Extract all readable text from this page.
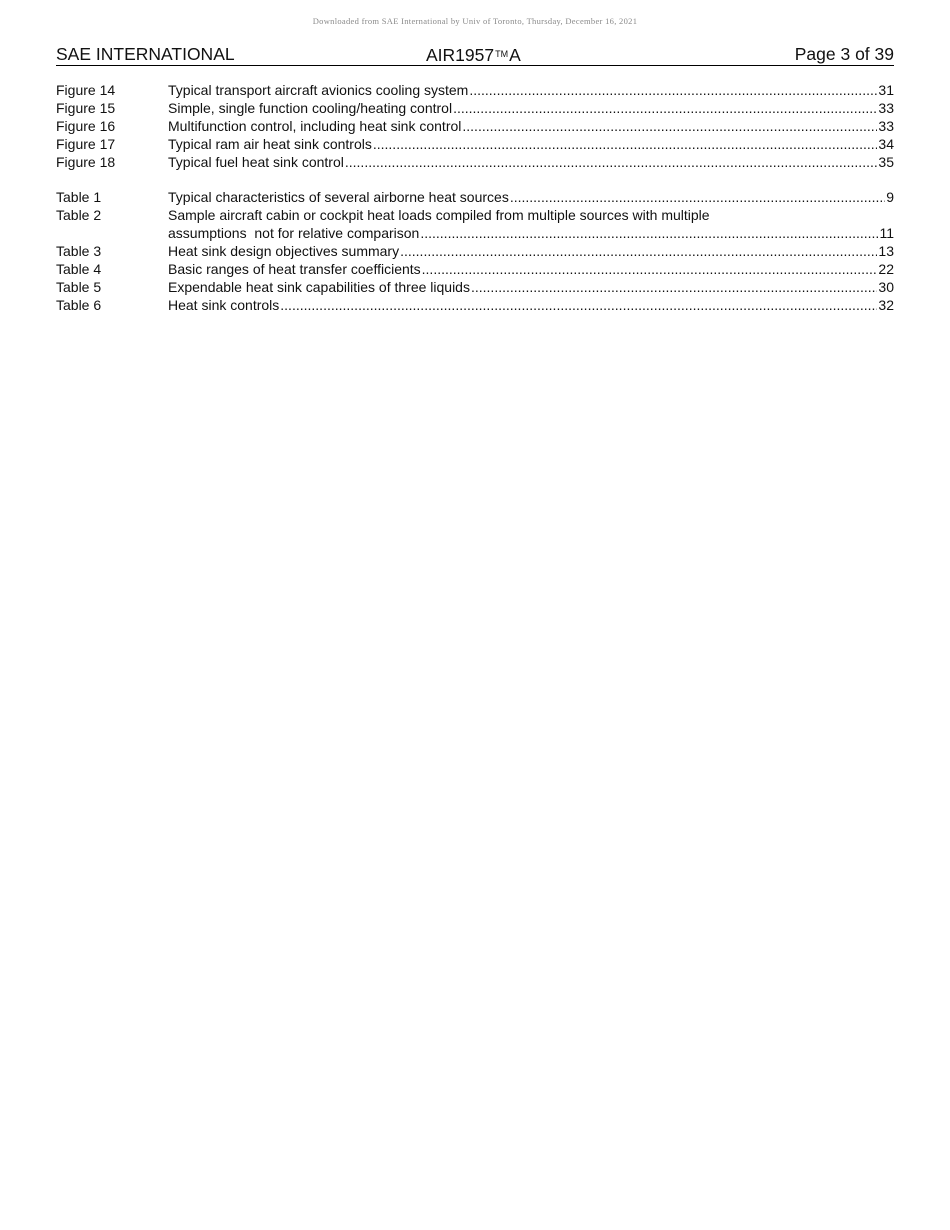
Downloaded from SAE International by Univ of Toronto, Thursday, December 16, 2021
SAE INTERNATIONAL	AIR1957™A	Page 3 of 39
Figure 14	Typical transport aircraft avionics cooling system .....	31
Figure 15	Simple, single function cooling/heating control .....	33
Figure 16	Multifunction control, including heat sink control .....	33
Figure 17	Typical ram air heat sink controls .....	34
Figure 18	Typical fuel heat sink control .....	35
Table 1	Typical characteristics of several airborne heat sources .....	9
Table 2	Sample aircraft cabin or cockpit heat loads compiled from multiple sources with multiple
assumptions  not for relative comparison .....	11
Table 3	Heat sink design objectives summary .....	13
Table 4	Basic ranges of heat transfer coefficients .....	22
Table 5	Expendable heat sink capabilities of three liquids .....	30
Table 6	Heat sink controls .....	32
